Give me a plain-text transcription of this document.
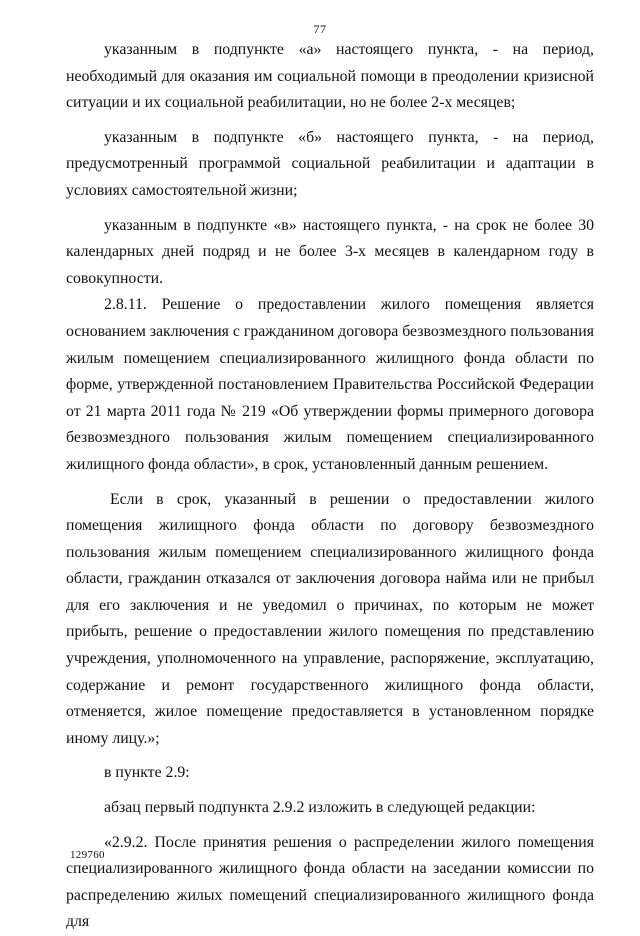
77

указанным в подпункте «а» настоящего пункта, - на период, необходимый для оказания им социальной помощи в преодолении кризисной ситуации и их социальной реабилитации, но не более 2-х месяцев;

указанным в подпункте «б» настоящего пункта, - на период, предусмотренный программой социальной реабилитации и адаптации в условиях самостоятельной жизни;

указанным в подпункте «в» настоящего пункта, - на срок не более 30 календарных дней подряд и не более 3-х месяцев в календарном году в совокупности.

2.8.11. Решение о предоставлении жилого помещения является основанием заключения с гражданином договора безвозмездного пользования жилым помещением специализированного жилищного фонда области по форме, утвержденной постановлением Правительства Российской Федерации от 21 марта 2011 года № 219 «Об утверждении формы примерного договора безвозмездного пользования жилым помещением специализированного жилищного фонда области», в срок, установленный данным решением.

Если в срок, указанный в решении о предоставлении жилого помещения жилищного фонда области по договору безвозмездного пользования жилым помещением специализированного жилищного фонда области, гражданин отказался от заключения договора найма или не прибыл для его заключения и не уведомил о причинах, по которым не может прибыть, решение о предоставлении жилого помещения по представлению учреждения, уполномоченного на управление, распоряжение, эксплуатацию, содержание и ремонт государственного жилищного фонда области, отменяется, жилое помещение предоставляется в установленном порядке иному лицу.»;

в пункте 2.9:

абзац первый подпункта 2.9.2 изложить в следующей редакции:

«2.9.2. После принятия решения о распределении жилого помещения специализированного жилищного фонда области на заседании комиссии по распределению жилых помещений специализированного жилищного фонда для

129760
